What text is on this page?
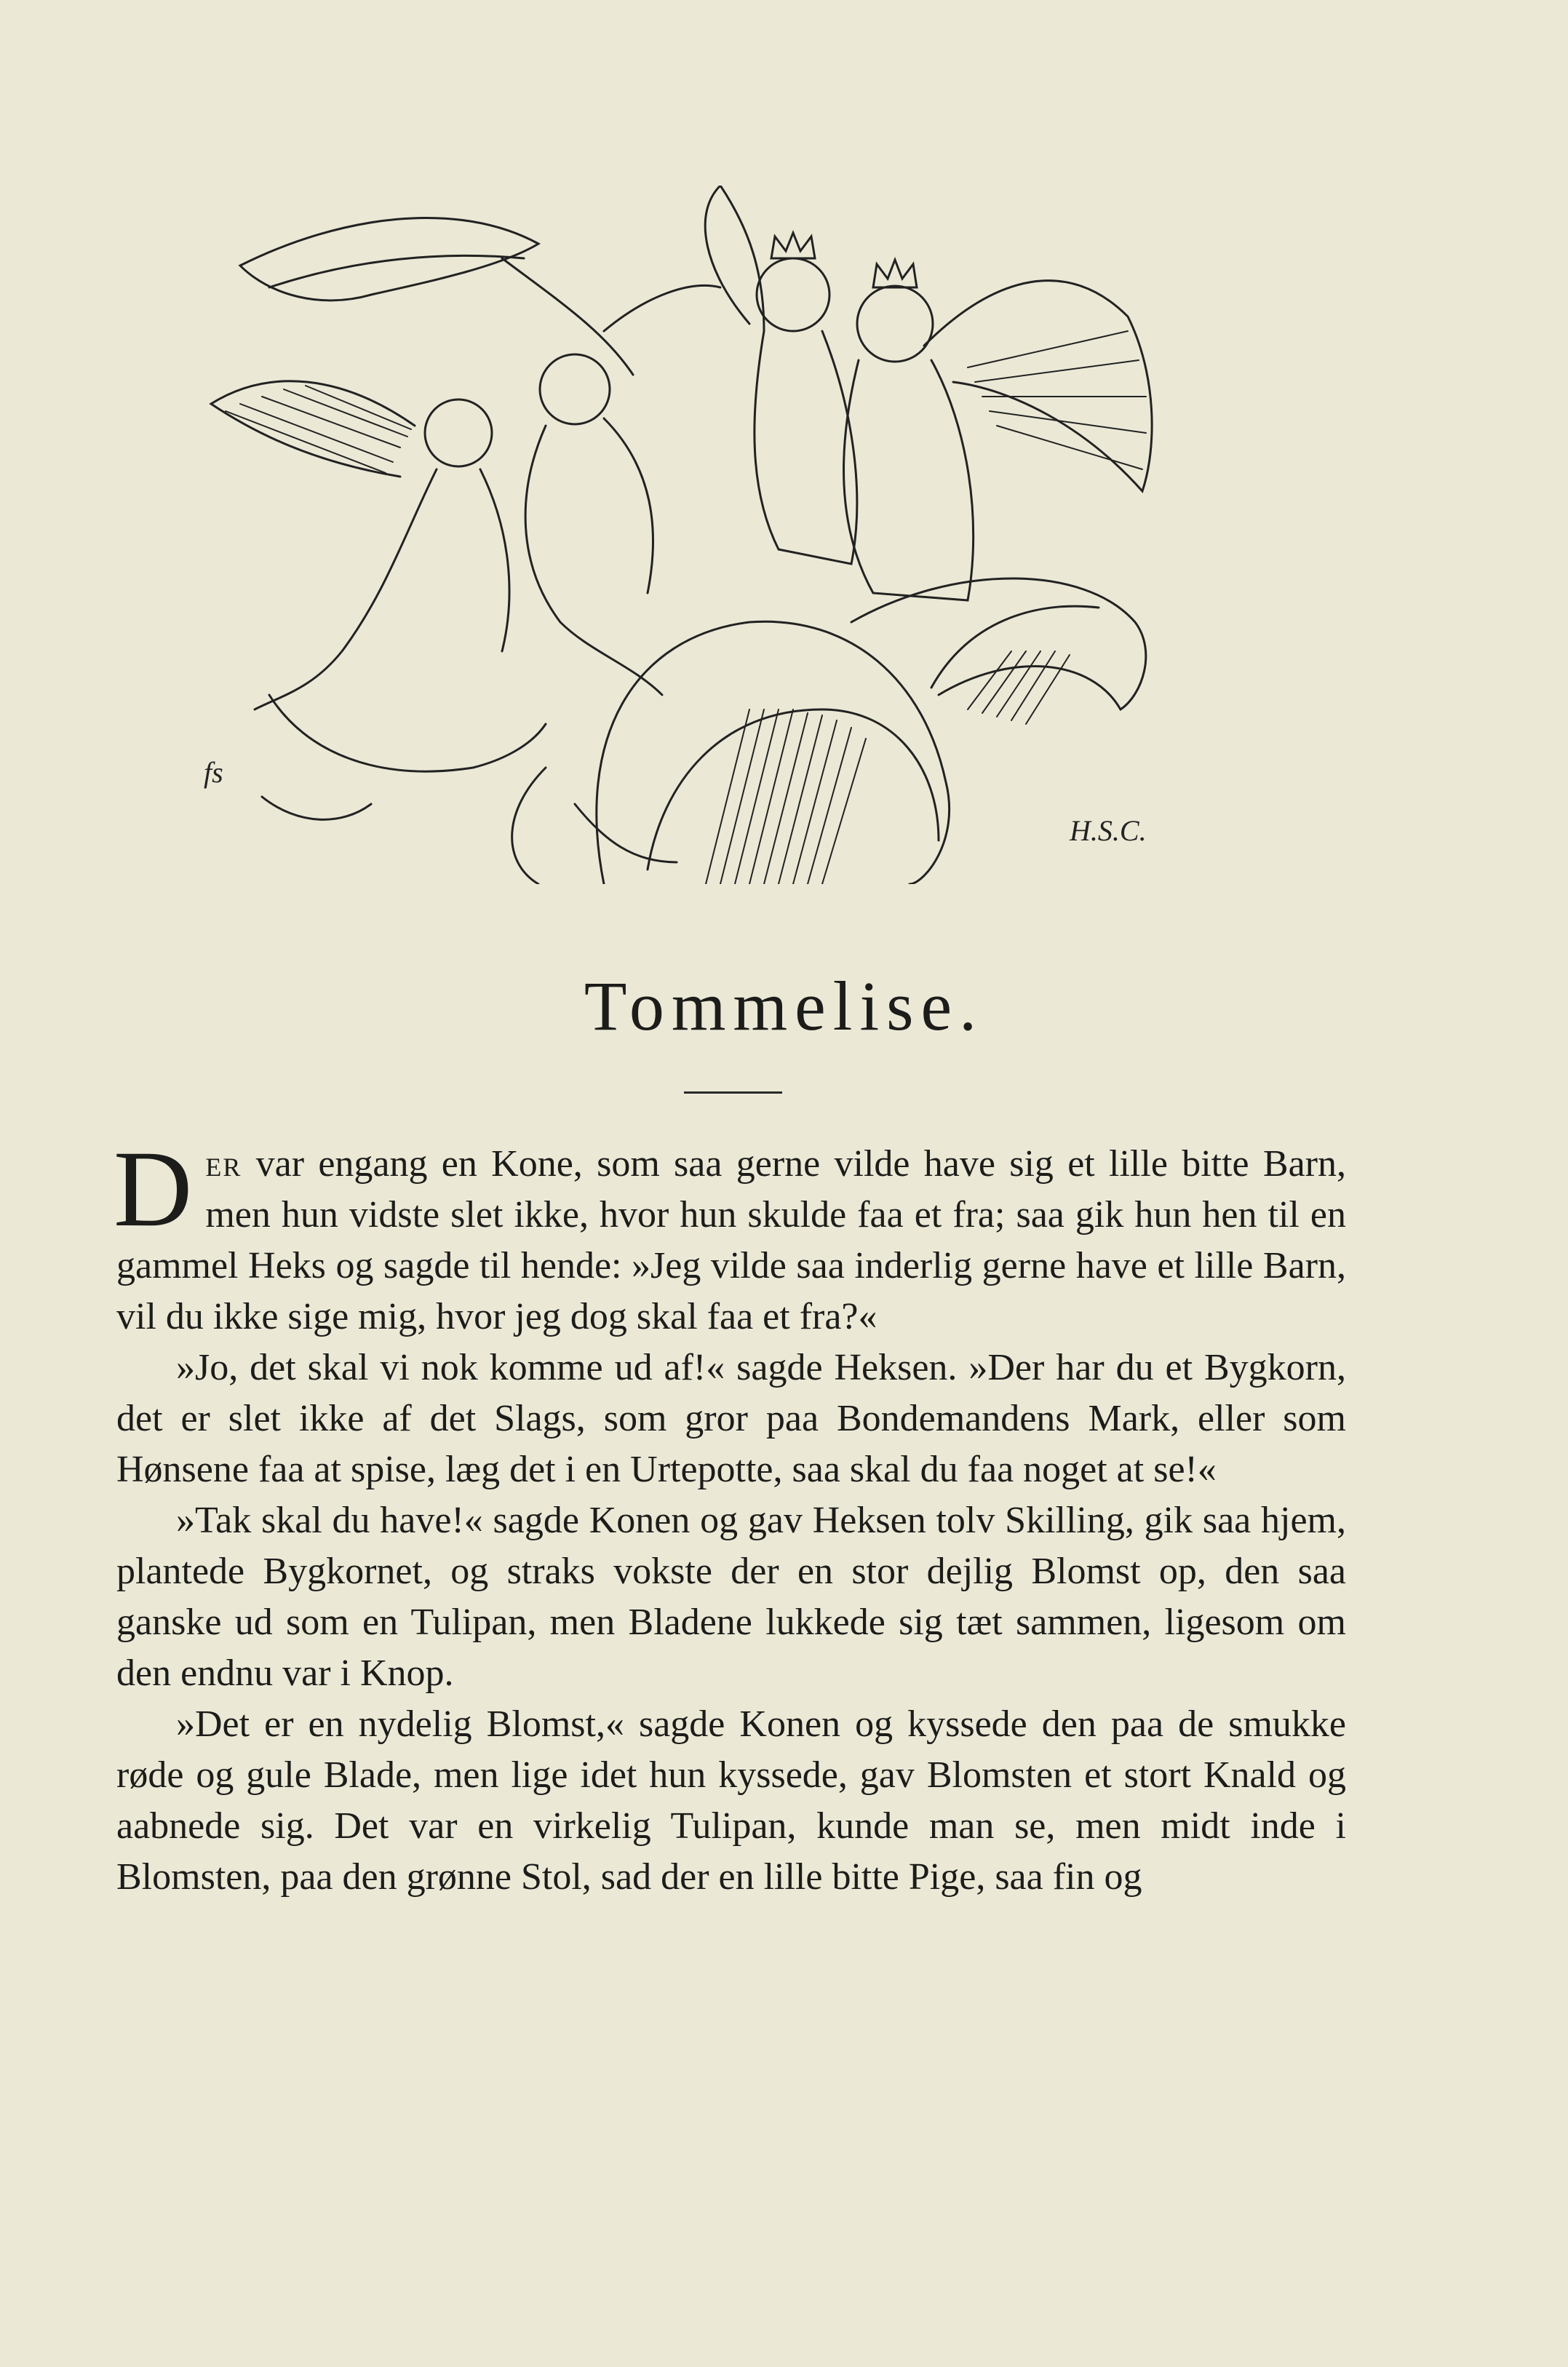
fs
H.S.C.
Tommelise.

Der var engang en Kone, som saa gerne vilde have sig et lille bitte Barn, men hun vidste slet ikke, hvor hun skulde faa et fra; saa gik hun hen til en gammel Heks og sagde til hende: »Jeg vilde saa inderlig gerne have et lille Barn, vil du ikke sige mig, hvor jeg dog skal faa et fra?«

»Jo, det skal vi nok komme ud af!« sagde Heksen. »Der har du et Bygkorn, det er slet ikke af det Slags, som gror paa Bondemandens Mark, eller som Hønsene faa at spise, læg det i en Urtepotte, saa skal du faa noget at se!«

»Tak skal du have!« sagde Konen og gav Heksen tolv Skilling, gik saa hjem, plantede Bygkornet, og straks vokste der en stor dejlig Blomst op, den saa ganske ud som en Tulipan, men Bladene lukkede sig tæt sammen, ligesom om den endnu var i Knop.

»Det er en nydelig Blomst,« sagde Konen og kyssede den paa de smukke røde og gule Blade, men lige idet hun kyssede, gav Blomsten et stort Knald og aabnede sig. Det var en virkelig Tulipan, kunde man se, men midt inde i Blomsten, paa den grønne Stol, sad der en lille bitte Pige, saa fin og
